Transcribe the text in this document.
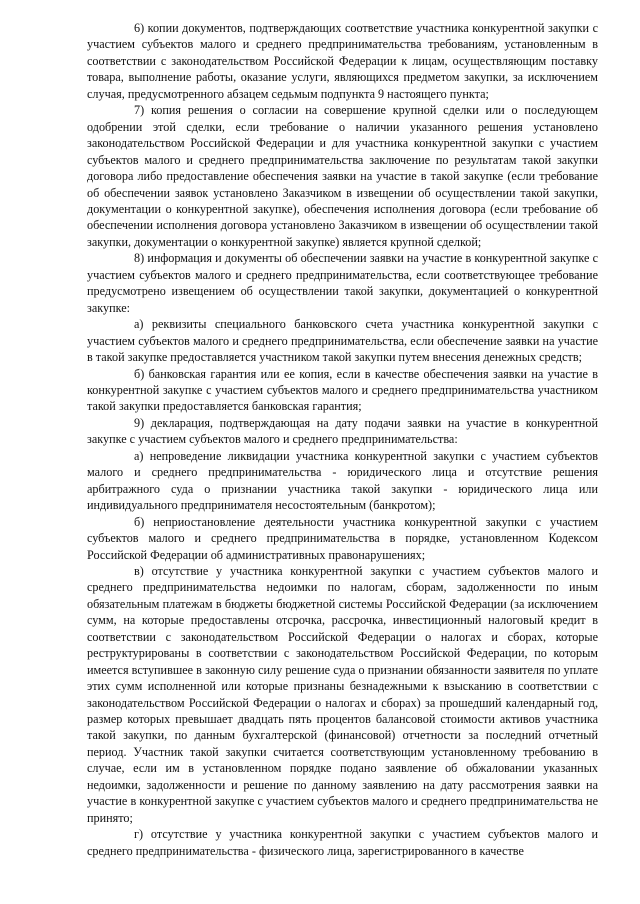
6) копии документов, подтверждающих соответствие участника конкурентной закупки с участием субъектов малого и среднего предпринимательства требованиям, установленным в соответствии с законодательством Российской Федерации к лицам, осуществляющим поставку товара, выполнение работы, оказание услуги, являющихся предметом закупки, за исключением случая, предусмотренного абзацем седьмым подпункта 9 настоящего пункта;

7) копия решения о согласии на совершение крупной сделки или о последующем одобрении этой сделки, если требование о наличии указанного решения установлено законодательством Российской Федерации и для участника конкурентной закупки с участием субъектов малого и среднего предпринимательства заключение по результатам такой закупки договора либо предоставление обеспечения заявки на участие в такой закупке (если требование об обеспечении заявок установлено Заказчиком в извещении об осуществлении такой закупки, документации о конкурентной закупке), обеспечения исполнения договора (если требование об обеспечении исполнения договора установлено Заказчиком в извещении об осуществлении такой закупки, документации о конкурентной закупке) является крупной сделкой;

8) информация и документы об обеспечении заявки на участие в конкурентной закупке с участием субъектов малого и среднего предпринимательства, если соответствующее требование предусмотрено извещением об осуществлении такой закупки, документацией о конкурентной закупке:

а) реквизиты специального банковского счета участника конкурентной закупки с участием субъектов малого и среднего предпринимательства, если обеспечение заявки на участие в такой закупке предоставляется участником такой закупки путем внесения денежных средств;

б) банковская гарантия или ее копия, если в качестве обеспечения заявки на участие в конкурентной закупке с участием субъектов малого и среднего предпринимательства участником такой закупки предоставляется банковская гарантия;

9) декларация, подтверждающая на дату подачи заявки на участие в конкурентной закупке с участием субъектов малого и среднего предпринимательства:

а) непроведение ликвидации участника конкурентной закупки с участием субъектов малого и среднего предпринимательства - юридического лица и отсутствие решения арбитражного суда о признании участника такой закупки - юридического лица или индивидуального предпринимателя несостоятельным (банкротом);

б) неприостановление деятельности участника конкурентной закупки с участием субъектов малого и среднего предпринимательства в порядке, установленном Кодексом Российской Федерации об административных правонарушениях;

в) отсутствие у участника конкурентной закупки с участием субъектов малого и среднего предпринимательства недоимки по налогам, сборам, задолженности по иным обязательным платежам в бюджеты бюджетной системы Российской Федерации (за исключением сумм, на которые предоставлены отсрочка, рассрочка, инвестиционный налоговый кредит в соответствии с законодательством Российской Федерации о налогах и сборах, которые реструктурированы в соответствии с законодательством Российской Федерации, по которым имеется вступившее в законную силу решение суда о признании обязанности заявителя по уплате этих сумм исполненной или которые признаны безнадежными к взысканию в соответствии с законодательством Российской Федерации о налогах и сборах) за прошедший календарный год, размер которых превышает двадцать пять процентов балансовой стоимости активов участника такой закупки, по данным бухгалтерской (финансовой) отчетности за последний отчетный период. Участник такой закупки считается соответствующим установленному требованию в случае, если им в установленном порядке подано заявление об обжаловании указанных недоимки, задолженности и решение по данному заявлению на дату рассмотрения заявки на участие в конкурентной закупке с участием субъектов малого и среднего предпринимательства не принято;

г) отсутствие у участника конкурентной закупки с участием субъектов малого и среднего предпринимательства - физического лица, зарегистрированного в качестве
